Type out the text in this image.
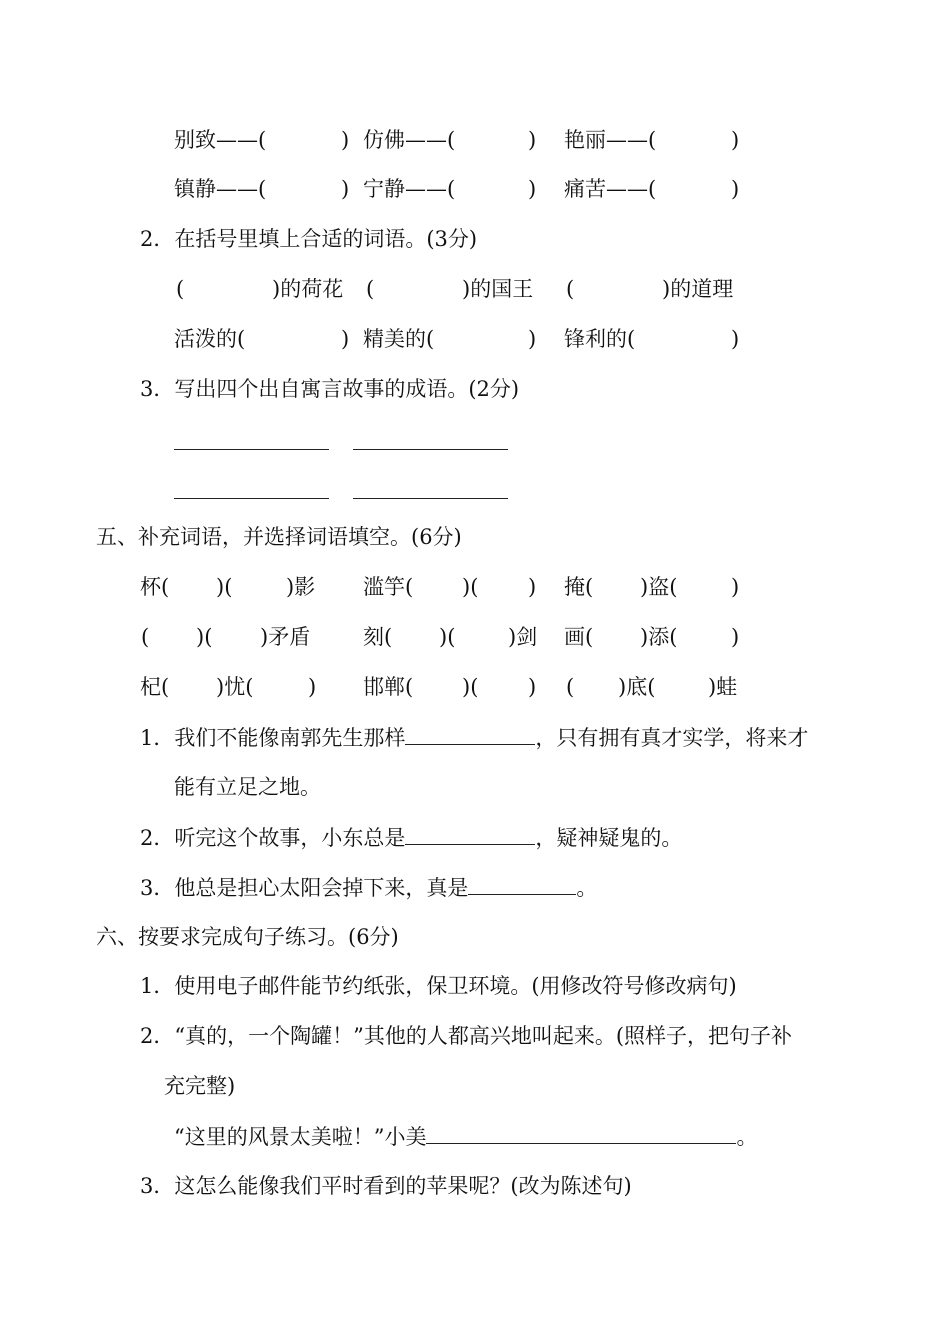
别致——(	) 仿佛——(	) 艳丽——(	)
镇静——(	) 宁静——(	) 痛苦——(	)
2．在括号里填上合适的词语。(3分)
(	)的荷花 (	)的国王 (	)的道理
活泼的(	) 精美的(	) 锋利的(	)
3．写出四个出自寓言故事的成语。(2分)
五、补充词语，并选择词语填空。(6分)
杯( )(	)影 滥竽( )( ) 掩( )盗(	)
( )( )矛盾	刻( )(	)剑 画( )添(	)
杞( )忧(	) 邯郸( )( ) ( )底(	)蛙
1．我们不能像南郭先生那样	，只有拥有真才实学，将来才
能有立足之地。
2．听完这个故事，小东总是	，疑神疑鬼的。
3．他总是担心太阳会掉下来，真是	。
六、按要求完成句子练习。(6分)
1．使用电子邮件能节约纸张，保卫环境。(用修改符号修改病句)
2．“真的，一个陶罐！”其他的人都高兴地叫起来。(照样子，把句子补
充完整)
“这里的风景太美啦！”小美	。
3．这怎么能像我们平时看到的苹果呢？(改为陈述句)
